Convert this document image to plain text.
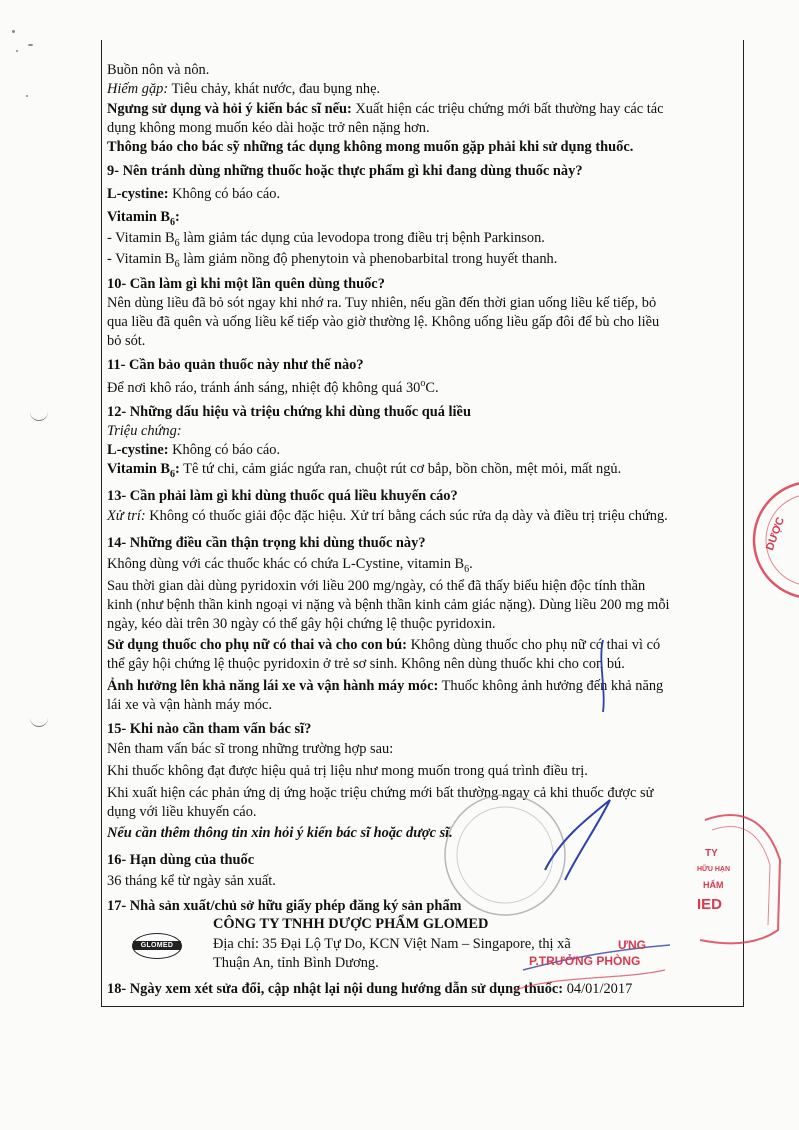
Buồn nôn và nôn.
Hiếm gặp: Tiêu chảy, khát nước, đau bụng nhẹ.
Ngưng sử dụng và hỏi ý kiến bác sĩ nếu: Xuất hiện các triệu chứng mới bất thường hay các tác
dụng không mong muốn kéo dài hoặc trở nên nặng hơn.
Thông báo cho bác sỹ những tác dụng không mong muốn gặp phải khi sử dụng thuốc.
9- Nên tránh dùng những thuốc hoặc thực phẩm gì khi đang dùng thuốc này?
L-cystine: Không có báo cáo.
Vitamin $B_6$:
- Vitamin $B_6$ làm giảm tác dụng của levodopa trong điều trị bệnh Parkinson.
- Vitamin $B_6$ làm giảm nồng độ phenytoin và phenobarbital trong huyết thanh.
10- Cần làm gì khi một lần quên dùng thuốc?
Nên dùng liều đã bỏ sót ngay khi nhớ ra. Tuy nhiên, nếu gần đến thời gian uống liều kế tiếp, bỏ
qua liều đã quên và uống liều kế tiếp vào giờ thường lệ. Không uống liều gấp đôi để bù cho liều
bỏ sót.
11- Cần bảo quản thuốc này như thế nào?
Để nơi khô ráo, tránh ánh sáng, nhiệt độ không quá 30$^o$C.
12- Những dấu hiệu và triệu chứng khi dùng thuốc quá liều
Triệu chứng:
L-cystine: Không có báo cáo.
Vitamin $B_6$: Tê tứ chi, cảm giác ngứa ran, chuột rút cơ bắp, bồn chồn, mệt mỏi, mất ngủ.
13- Cần phải làm gì khi dùng thuốc quá liều khuyến cáo?
Xử trí: Không có thuốc giải độc đặc hiệu. Xử trí bằng cách súc rửa dạ dày và điều trị triệu chứng.
14- Những điều cần thận trọng khi dùng thuốc này?
Không dùng với các thuốc khác có chứa L-Cystine, vitamin $B_6$.
Sau thời gian dài dùng pyridoxin với liều 200 mg/ngày, có thể đã thấy biểu hiện độc tính thần
kinh (như bệnh thần kinh ngoại vi nặng và bệnh thần kinh cảm giác nặng). Dùng liều 200 mg mỗi
ngày, kéo dài trên 30 ngày có thể gây hội chứng lệ thuộc pyridoxin.
Sử dụng thuốc cho phụ nữ có thai và cho con bú: Không dùng thuốc cho phụ nữ có thai vì có
thể gây hội chứng lệ thuộc pyridoxin ở trẻ sơ sinh. Không nên dùng thuốc khi cho con bú.
Ảnh hưởng lên khả năng lái xe và vận hành máy móc: Thuốc không ảnh hưởng đến khả năng
lái xe và vận hành máy móc.
15- Khi nào cần tham vấn bác sĩ?
Nên tham vấn bác sĩ trong những trường hợp sau:
Khi thuốc không đạt được hiệu quả trị liệu như mong muốn trong quá trình điều trị.
Khi xuất hiện các phản ứng dị ứng hoặc triệu chứng mới bất thường ngay cả khi thuốc được sử
dụng với liều khuyến cáo.
Nếu cần thêm thông tin xin hỏi ý kiến bác sĩ hoặc dược sĩ.
16- Hạn dùng của thuốc
36 tháng kể từ ngày sản xuất.
17- Nhà sản xuất/chủ sở hữu giấy phép đăng ký sản phẩm
CÔNG TY TNHH DƯỢC PHẨM GLOMED
Địa chỉ: 35 Đại Lộ Tự Do, KCN Việt Nam – Singapore, thị xã
Thuận An, tỉnh Bình Dương.
18- Ngày xem xét sửa đổi, cập nhật lại nội dung hướng dẫn sử dụng thuốc: 04/01/2017
GLOMED
DƯỢC
TY
HỮU HẠN
HẨM
IED
ƯNG
P.TRƯỞNG PHÒNG
